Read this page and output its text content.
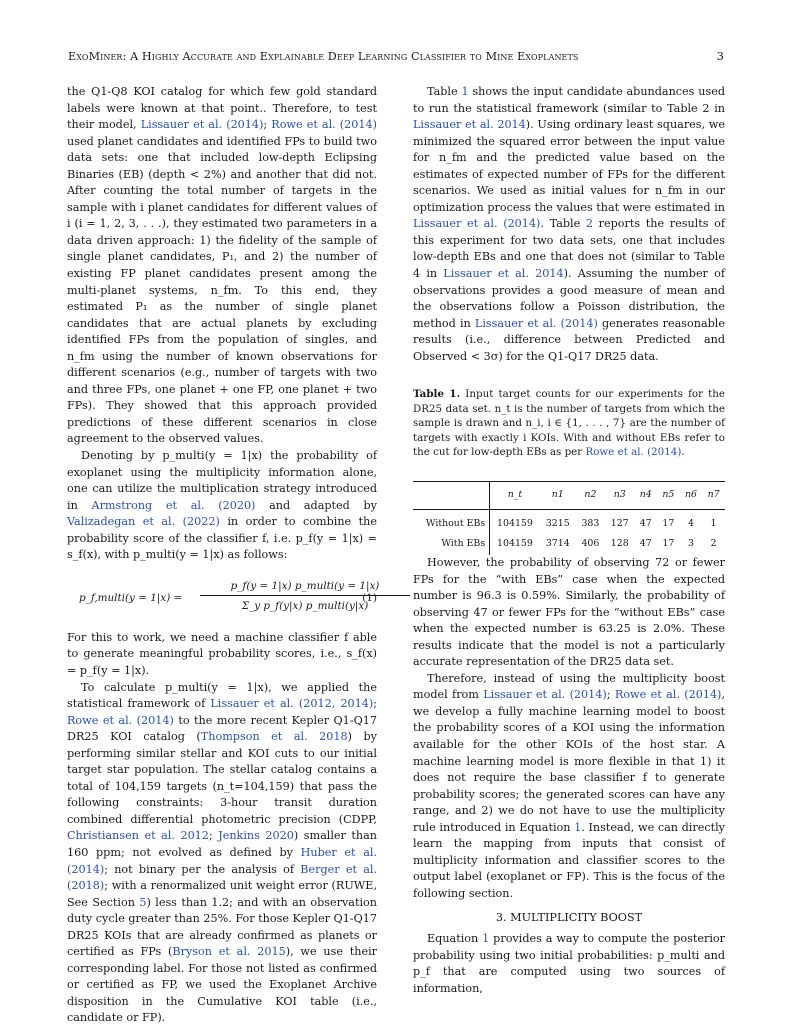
ExoMiner: A Highly Accurate and Explainable Deep Learning Classifier to Mine Exoplanets	3

the Q1-Q8 KOI catalog for which few gold standard labels were known at that point.. Therefore, to test their model, Lissauer et al. (2014); Rowe et al. (2014) used planet candidates and identified FPs to build two data sets: one that included low-depth Eclipsing Binaries (EB) (depth < 2%) and another that did not. After counting the total number of targets in the sample with i planet candidates for different values of i (i = 1, 2, 3, . . .), they estimated two parameters in a data driven approach: 1) the fidelity of the sample of single planet candidates, P₁, and 2) the number of existing FP planet candidates present among the multi-planet systems, n_fm. To this end, they estimated P₁ as the number of single planet candidates that are actual planets by excluding identified FPs from the population of singles, and n_fm using the number of known observations for different scenarios (e.g., number of targets with two and three FPs, one planet + one FP, one planet + two FPs). They showed that this approach provided predictions of these different scenarios in close agreement to the observed values.

Denoting by p_multi(y = 1|x) the probability of exoplanet using the multiplicity information alone, one can utilize the multiplication strategy introduced in Armstrong et al. (2020) and adapted by Valizadegan et al. (2022) in order to combine the probability score of the classifier f, i.e. p_f(y = 1|x) = s_f(x), with p_multi(y = 1|x) as follows:

p_f,multi(y = 1|x) =
p_f(y = 1|x) p_multi(y = 1|x)
Σ_y p_f(y|x) p_multi(y|x)
(1)

For this to work, we need a machine classifier f able to generate meaningful probability scores, i.e., s_f(x) = p_f(y = 1|x).

To calculate p_multi(y = 1|x), we applied the statistical framework of Lissauer et al. (2012, 2014); Rowe et al. (2014) to the more recent Kepler Q1-Q17 DR25 KOI catalog (Thompson et al. 2018) by performing similar stellar and KOI cuts to our initial target star population. The stellar catalog contains a total of 104,159 targets (n_t=104,159) that pass the following constraints: 3-hour transit duration combined differential photometric precision (CDPP, Christiansen et al. 2012; Jenkins 2020) smaller than 160 ppm; not evolved as defined by Huber et al. (2014); not binary per the analysis of Berger et al. (2018); with a renormalized unit weight error (RUWE, See Section 5) less than 1.2; and with an observation duty cycle greater than 25%. For those Kepler Q1-Q17 DR25 KOIs that are already confirmed as planets or certified as FPs (Bryson et al. 2015), we use their corresponding label. For those not listed as confirmed or certified as FP, we used the Exoplanet Archive disposition in the Cumulative KOI table (i.e., candidate or FP).

Table 1 shows the input candidate abundances used to run the statistical framework (similar to Table 2 in Lissauer et al. 2014). Using ordinary least squares, we minimized the squared error between the input value for n_fm and the predicted value based on the estimates of expected number of FPs for the different scenarios. We used as initial values for n_fm in our optimization process the values that were estimated in Lissauer et al. (2014). Table 2 reports the results of this experiment for two data sets, one that includes low-depth EBs and one that does not (similar to Table 4 in Lissauer et al. 2014). Assuming the number of observations provides a good measure of mean and the observations follow a Poisson distribution, the method in Lissauer et al. (2014) generates reasonable results (i.e., difference between Predicted and Observed < 3σ) for the Q1-Q17 DR25 data.

Table 1. Input target counts for our experiments for the DR25 data set. n_t is the number of targets from which the sample is drawn and n_i, i ∈ {1, . . . , 7} are the number of targets with exactly i KOIs. With and without EBs refer to the cut for low-depth EBs as per Rowe et al. (2014).
	n_t	n1	n2	n3	n4	n5	n6	n7
Without EBs	104159	3215	383	127	47	17	4	1
With EBs	104159	3714	406	128	47	17	3	2

However, the probability of observing 72 or fewer FPs for the “with EBs” case when the expected number is 96.3 is 0.59%. Similarly, the probability of observing 47 or fewer FPs for the “without EBs” case when the expected number is 63.25 is 2.0%. These results indicate that the model is not a particularly accurate representation of the DR25 data set.

Therefore, instead of using the multiplicity boost model from Lissauer et al. (2014); Rowe et al. (2014), we develop a fully machine learning model to boost the probability scores of a KOI using the information available for the other KOIs of the host star. A machine learning model is more flexible in that 1) it does not require the base classifier f to generate probability scores; the generated scores can have any range, and 2) we do not have to use the multiplicity rule introduced in Equation 1. Instead, we can directly learn the mapping from inputs that consist of multiplicity information and classifier scores to the output label (exoplanet or FP). This is the focus of the following section.

3. MULTIPLICITY BOOST

Equation 1 provides a way to compute the posterior probability using two initial probabilities: p_multi and p_f that are computed using two sources of information,
